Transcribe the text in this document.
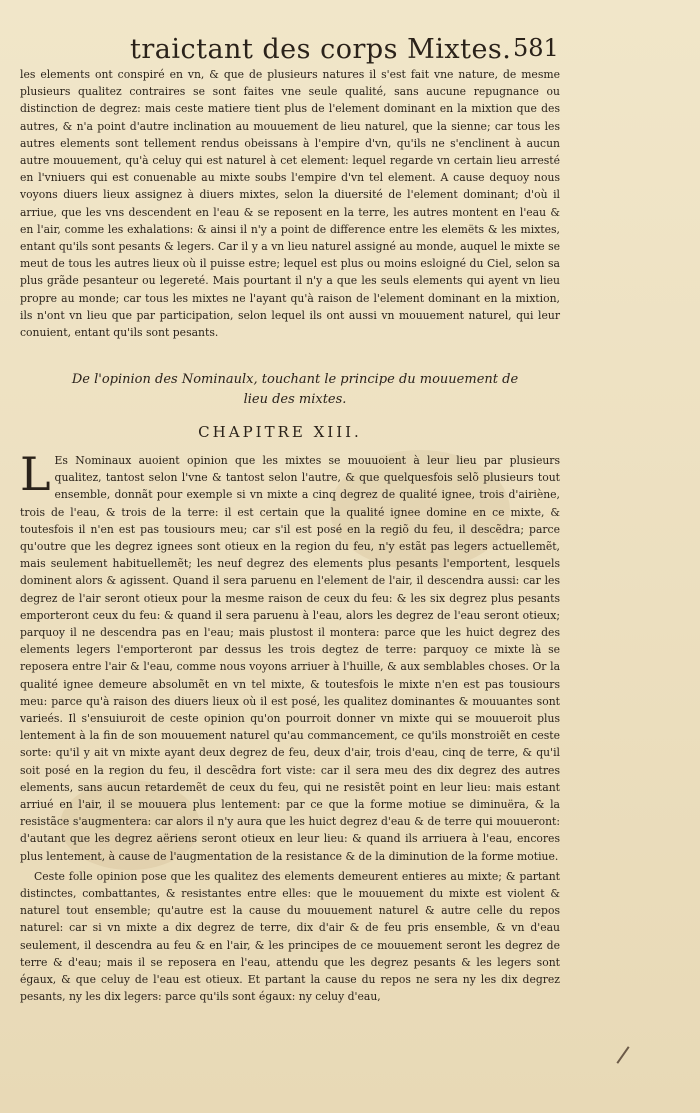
traictant des corps Mixtes. 581

les elements ont conspiré en vn, & que de plusieurs natures il s'est fait vne nature, de mesme plusieurs qualitez contraires se sont faites vne seule qualité, sans aucune repugnance ou distinction de degrez: mais ceste matiere tient plus de l'element dominant en la mixtion que des autres, & n'a point d'autre inclination au mouuement de lieu naturel, que la sienne; car tous les autres elements sont tellement rendus obeissans à l'empire d'vn, qu'ils ne s'enclinent à aucun autre mouuement, qu'à celuy qui est naturel à cet element: lequel regarde vn certain lieu arresté en l'vniuers qui est conuenable au mixte soubs l'empire d'vn tel element. A cause dequoy nous voyons diuers lieux assignez à diuers mixtes, selon la diuersité de l'element dominant; d'où il arriue, que les vns descendent en l'eau & se reposent en la terre, les autres montent en l'eau & en l'air, comme les exhalations: & ainsi il n'y a point de difference entre les elemëts & les mixtes, entant qu'ils sont pesants & legers. Car il y a vn lieu naturel assigné au monde, auquel le mixte se meut de tous les autres lieux où il puisse estre; lequel est plus ou moins esloigné du Ciel, selon sa plus grãde pesanteur ou legereté. Mais pourtant il n'y a que les seuls elements qui ayent vn lieu propre au monde; car tous les mixtes ne l'ayant qu'à raison de l'element dominant en la mixtion, ils n'ont vn lieu que par participation, selon lequel ils ont aussi vn mouuement naturel, qui leur conuient, entant qu'ils sont pesants.

De l'opinion des Nominaulx, touchant le principe du mouuement de lieu des mixtes.
CHAPITRE XIII.

L Es Nominaux auoient opinion que les mixtes se mouuoient à leur lieu par plusieurs qualitez, tantost selon l'vne & tantost selon l'autre, & que quelquesfois selõ plusieurs tout ensemble, donnãt pour exemple si vn mixte a cinq degrez de qualité ignee, trois d'airiène, trois de l'eau, & trois de la terre: il est certain que la qualité ignee domine en ce mixte, & toutesfois il n'en est pas tousiours meu; car s'il est posé en la regiõ du feu, il descẽdra; parce qu'outre que les degrez ignees sont otieux en la region du feu, n'y estãt pas legers actuellemẽt, mais seulement habituellemẽt; les neuf degrez des elements plus pesants l'emportent, lesquels dominent alors & agissent. Quand il sera paruenu en l'element de l'air, il descendra aussi: car les degrez de l'air seront otieux pour la mesme raison de ceux du feu: & les six degrez plus pesants emporteront ceux du feu: & quand il sera paruenu à l'eau, alors les degrez de l'eau seront otieux; parquoy il ne descendra pas en l'eau; mais plustost il montera: parce que les huict degrez des elements legers l'emporteront par dessus les trois degtez de terre: parquoy ce mixte là se reposera entre l'air & l'eau, comme nous voyons arriuer à l'huille, & aux semblables choses. Or la qualité ignee demeure absolumẽt en vn tel mixte, & toutesfois le mixte n'en est pas tousiours meu: parce qu'à raison des diuers lieux où il est posé, les qualitez dominantes & mouuantes sont varieés. Il s'ensuiuroit de ceste opinion qu'on pourroit donner vn mixte qui se mouueroit plus lentement à la fin de son mouuement naturel qu'au commancement, ce qu'ils monstroiẽt en ceste sorte: qu'il y ait vn mixte ayant deux degrez de feu, deux d'air, trois d'eau, cinq de terre, & qu'il soit posé en la region du feu, il descẽdra fort viste: car il sera meu des dix degrez des autres elements, sans aucun retardemẽt de ceux du feu, qui ne resistẽt point en leur lieu: mais estant arriué en l'air, il se mouuera plus lentement: par ce que la forme motiue se diminuëra, & la resistãce s'augmentera: car alors il n'y aura que les huict degrez d'eau & de terre qui mouueront: d'autant que les degrez aëriens seront otieux en leur lieu: & quand ils arriuera à l'eau, encores plus lentement, à cause de l'augmentation de la resistance & de la diminution de la forme motiue.

Ceste folle opinion pose que les qualitez des elements demeurent entieres au mixte; & partant distinctes, combattantes, & resistantes entre elles: que le mouuement du mixte est violent & naturel tout ensemble; qu'autre est la cause du mouuement naturel & autre celle du repos naturel: car si vn mixte a dix degrez de terre, dix d'air & de feu pris ensemble, & vn d'eau seulement, il descendra au feu & en l'air, & les principes de ce mouuement seront les degrez de terre & d'eau; mais il se reposera en l'eau, attendu que les degrez pesants & les legers sont égaux, & que celuy de l'eau est otieux. Et partant la cause du repos ne sera ny les dix degrez pesants, ny les dix legers: parce qu'ils sont égaux: ny celuy d'eau,
